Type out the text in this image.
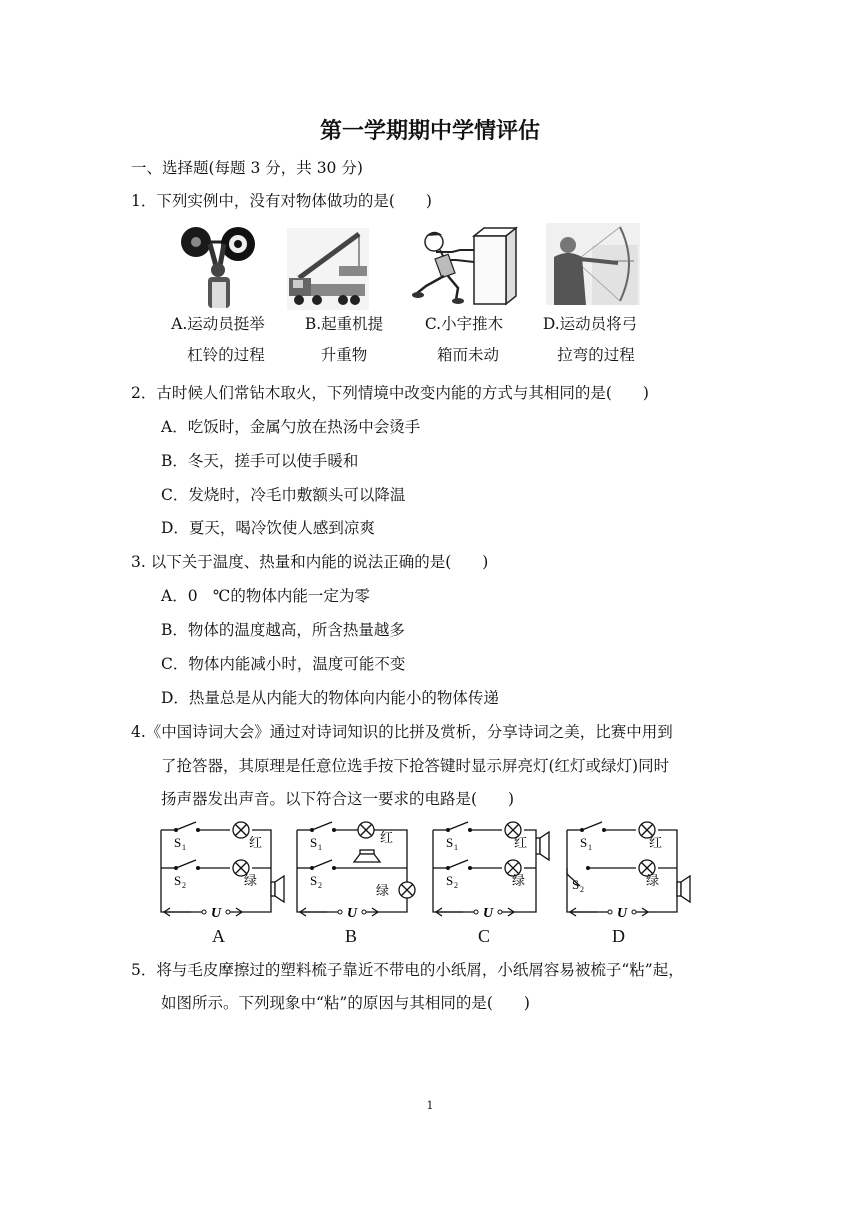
第一学期期中学情评估
一、选择题(每题 3 分，共 30 分)
1．下列实例中，没有对物体做功的是(　　)
A.运动员挺举
杠铃的过程
B.起重机提
升重物
C.小宇推木
箱而未动
D.运动员将弓
拉弯的过程
2．古时候人们常钻木取火，下列情境中改变内能的方式与其相同的是(　　)
A．吃饭时，金属勺放在热汤中会烫手
B．冬天，搓手可以使手暖和
C．发烧时，冷毛巾敷额头可以降温
D．夏天，喝冷饮使人感到凉爽
3. 以下关于温度、热量和内能的说法正确的是(　　)
A．0　℃的物体内能一定为零
B．物体的温度越高，所含热量越多
C．物体内能减小时，温度可能不变
D．热量总是从内能大的物体向内能小的物体传递
4.《中国诗词大会》通过对诗词知识的比拼及赏析，分享诗词之美，比赛中用到
了抢答器，其原理是任意位选手按下抢答键时显示屏亮灯(红灯或绿灯)同时
扬声器发出声音。以下符合这一要求的电路是(　　)
S 1
S 2
红
绿
U
S 1
S 2
红
绿
U
S 1
S 2
红
绿
U
S 1
S 2
红
绿
U
A	B	C	D
5．将与毛皮摩擦过的塑料梳子靠近不带电的小纸屑，小纸屑容易被梳子“粘”起，
如图所示。下列现象中“粘”的原因与其相同的是(　　)
1
